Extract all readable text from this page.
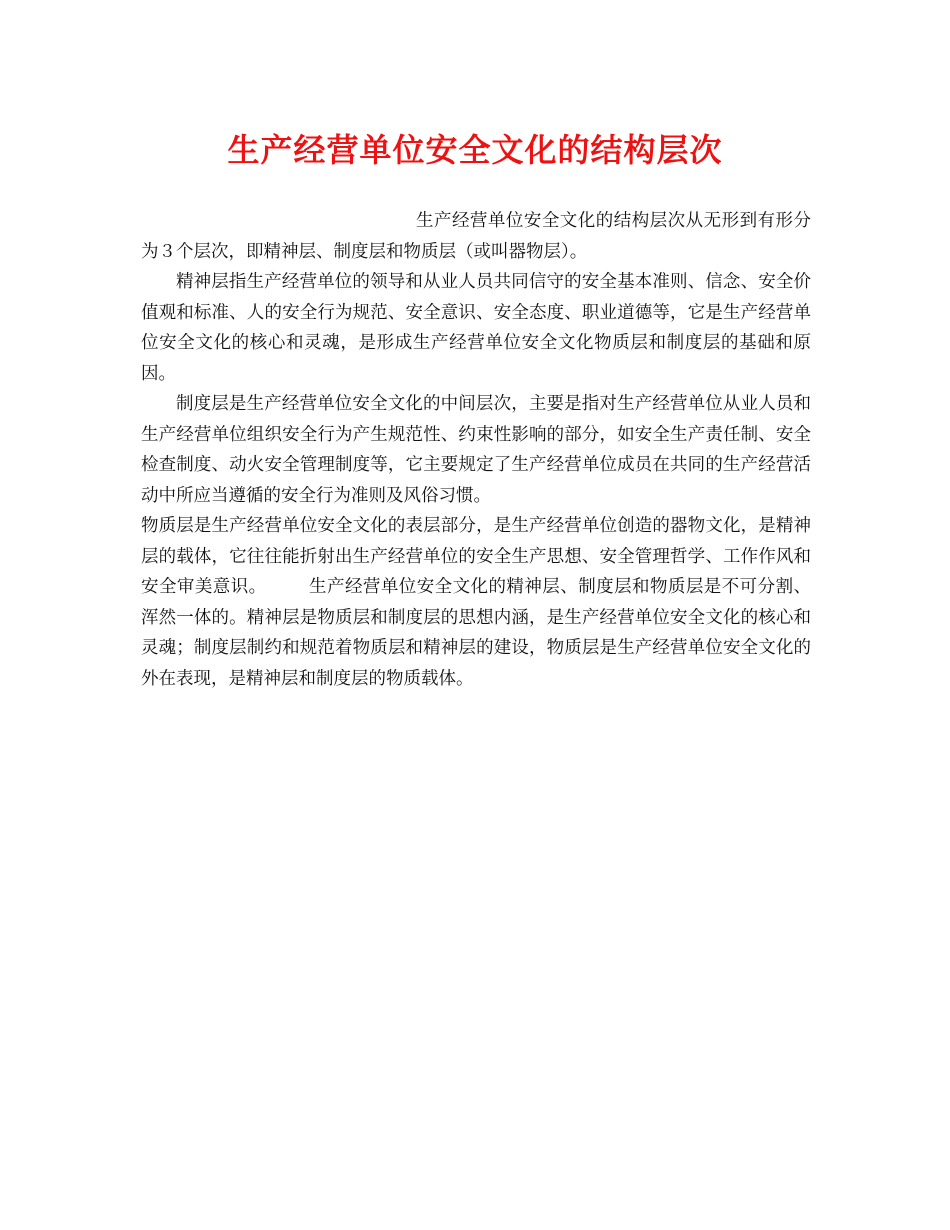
生产经营单位安全文化的结构层次

生产经营单位安全文化的结构层次从无形到有形分为３个层次，即精神层、制度层和物质层（或叫器物层）。

精神层指生产经营单位的领导和从业人员共同信守的安全基本准则、信念、安全价值观和标准、人的安全行为规范、安全意识、安全态度、职业道德等，它是生产经营单位安全文化的核心和灵魂，是形成生产经营单位安全文化物质层和制度层的基础和原因。

制度层是生产经营单位安全文化的中间层次，主要是指对生产经营单位从业人员和生产经营单位组织安全行为产生规范性、约束性影响的部分，如安全生产责任制、安全检查制度、动火安全管理制度等，它主要规定了生产经营单位成员在共同的生产经营活动中所应当遵循的安全行为准则及风俗习惯。

物质层是生产经营单位安全文化的表层部分，是生产经营单位创造的器物文化，是精神层的载体，它往往能折射出生产经营单位的安全生产思想、安全管理哲学、工作作风和安全审美意识。 生产经营单位安全文化的精神层、制度层和物质层是不可分割、浑然一体的。精神层是物质层和制度层的思想内涵，是生产经营单位安全文化的核心和灵魂；制度层制约和规范着物质层和精神层的建设，物质层是生产经营单位安全文化的外在表现，是精神层和制度层的物质载体。
